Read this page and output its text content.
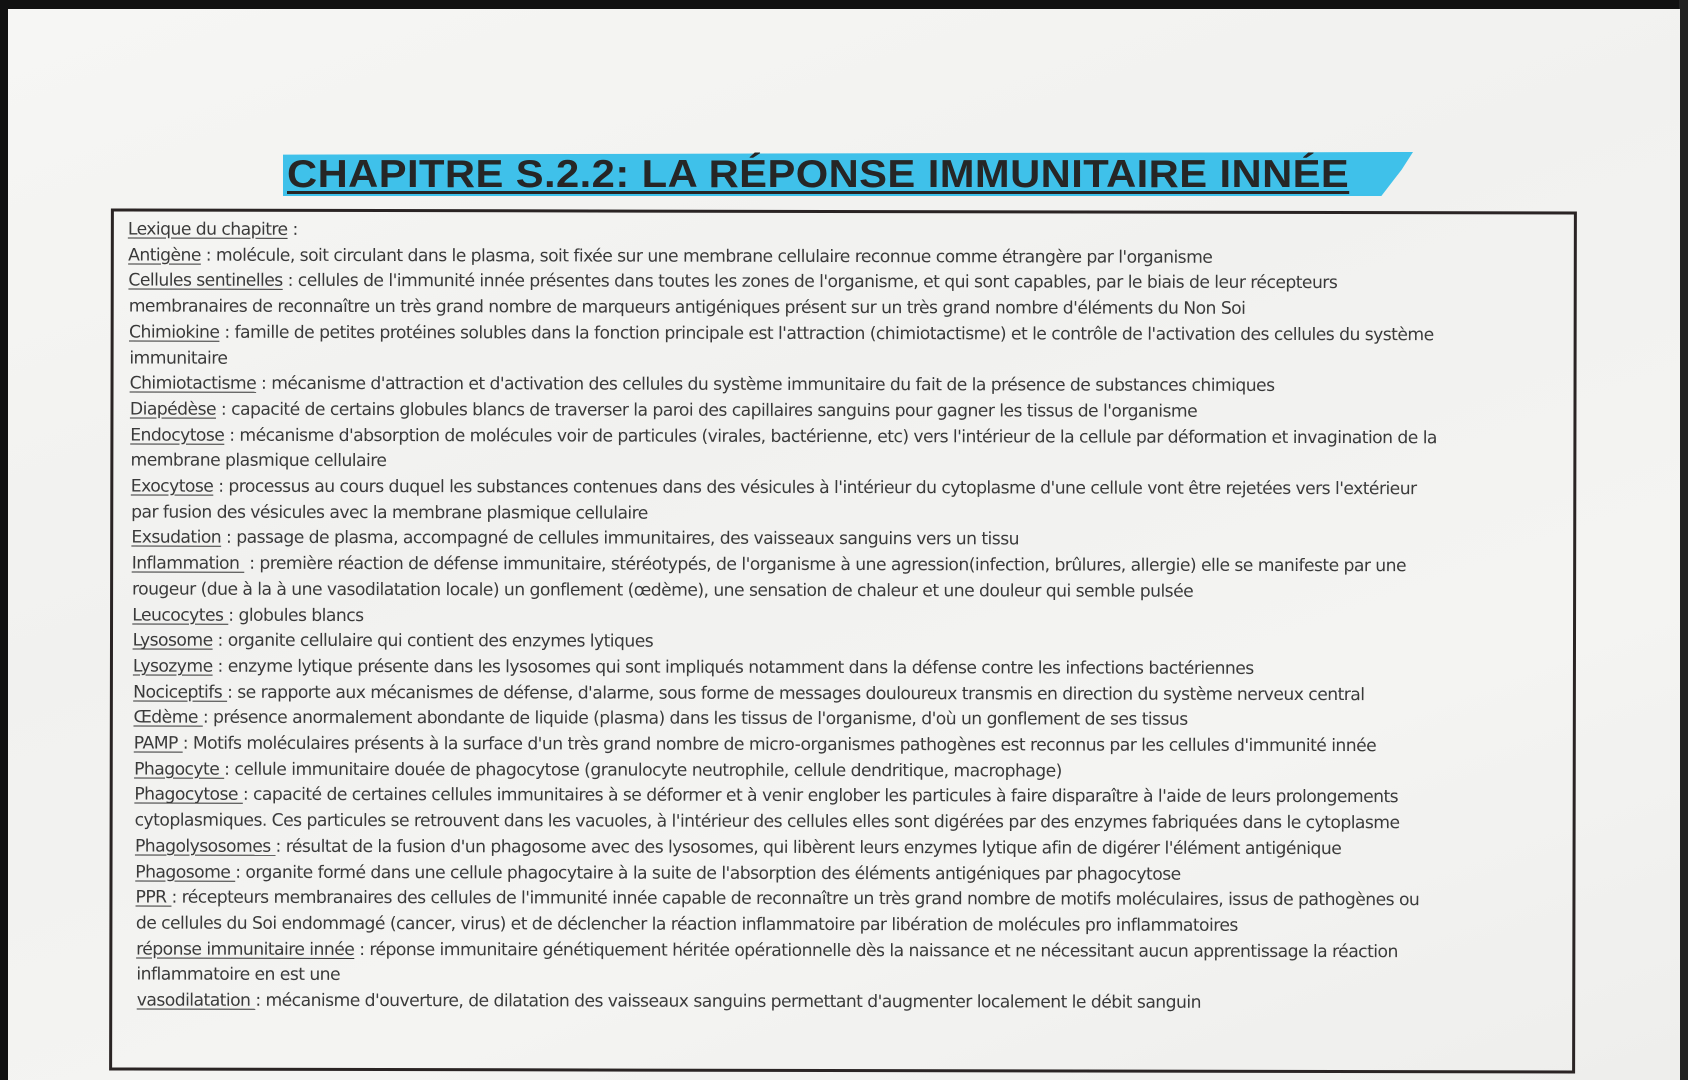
CHAPITRE S.2.2: LA RÉPONSE IMMUNITAIRE INNÉE
Lexique du chapitre :
Antigène : molécule, soit circulant dans le plasma, soit fixée sur une membrane cellulaire reconnue comme étrangère par l'organisme
Cellules sentinelles : cellules de l'immunité innée présentes dans toutes les zones de l'organisme, et qui sont capables, par le biais de leur récepteurs
membranaires de reconnaître un très grand nombre de marqueurs antigéniques présent sur un très grand nombre d'éléments du Non Soi
Chimiokine : famille de petites protéines solubles dans la fonction principale est l'attraction (chimiotactisme) et le contrôle de l'activation des cellules du système
immunitaire
Chimiotactisme : mécanisme d'attraction et d'activation des cellules du système immunitaire du fait de la présence de substances chimiques
Diapédèse : capacité de certains globules blancs de traverser la paroi des capillaires sanguins pour gagner les tissus de l'organisme
Endocytose : mécanisme d'absorption de molécules voir de particules (virales, bactérienne, etc) vers l'intérieur de la cellule par déformation et invagination de la
membrane plasmique cellulaire
Exocytose : processus au cours duquel les substances contenues dans des vésicules à l'intérieur du cytoplasme d'une cellule vont être rejetées vers l'extérieur
par fusion des vésicules avec la membrane plasmique cellulaire
Exsudation : passage de plasma, accompagné de cellules immunitaires, des vaisseaux sanguins vers un tissu
Inflammation  : première réaction de défense immunitaire, stéréotypés, de l'organisme à une agression(infection, brûlures, allergie) elle se manifeste par une
rougeur (due à la à une vasodilatation locale) un gonflement (œdème), une sensation de chaleur et une douleur qui semble pulsée
Leucocytes : globules blancs
Lysosome : organite cellulaire qui contient des enzymes lytiques
Lysozyme : enzyme lytique présente dans les lysosomes qui sont impliqués notamment dans la défense contre les infections bactériennes
Nociceptifs : se rapporte aux mécanismes de défense, d'alarme, sous forme de messages douloureux transmis en direction du système nerveux central
Œdème : présence anormalement abondante de liquide (plasma) dans les tissus de l'organisme, d'où un gonflement de ses tissus
PAMP : Motifs moléculaires présents à la surface d'un très grand nombre de micro-organismes pathogènes est reconnus par les cellules d'immunité innée
Phagocyte : cellule immunitaire douée de phagocytose (granulocyte neutrophile, cellule dendritique, macrophage)
Phagocytose : capacité de certaines cellules immunitaires à se déformer et à venir englober les particules à faire disparaître à l'aide de leurs prolongements
cytoplasmiques. Ces particules se retrouvent dans les vacuoles, à l'intérieur des cellules elles sont digérées par des enzymes fabriquées dans le cytoplasme
Phagolysosomes : résultat de la fusion d'un phagosome avec des lysosomes, qui libèrent leurs enzymes lytique afin de digérer l'élément antigénique
Phagosome : organite formé dans une cellule phagocytaire à la suite de l'absorption des éléments antigéniques par phagocytose
PPR : récepteurs membranaires des cellules de l'immunité innée capable de reconnaître un très grand nombre de motifs moléculaires, issus de pathogènes ou
de cellules du Soi endommagé (cancer, virus) et de déclencher la réaction inflammatoire par libération de molécules pro inflammatoires
réponse immunitaire innée : réponse immunitaire génétiquement héritée opérationnelle dès la naissance et ne nécessitant aucun apprentissage la réaction
inflammatoire en est une
vasodilatation : mécanisme d'ouverture, de dilatation des vaisseaux sanguins permettant d'augmenter localement le débit sanguin
